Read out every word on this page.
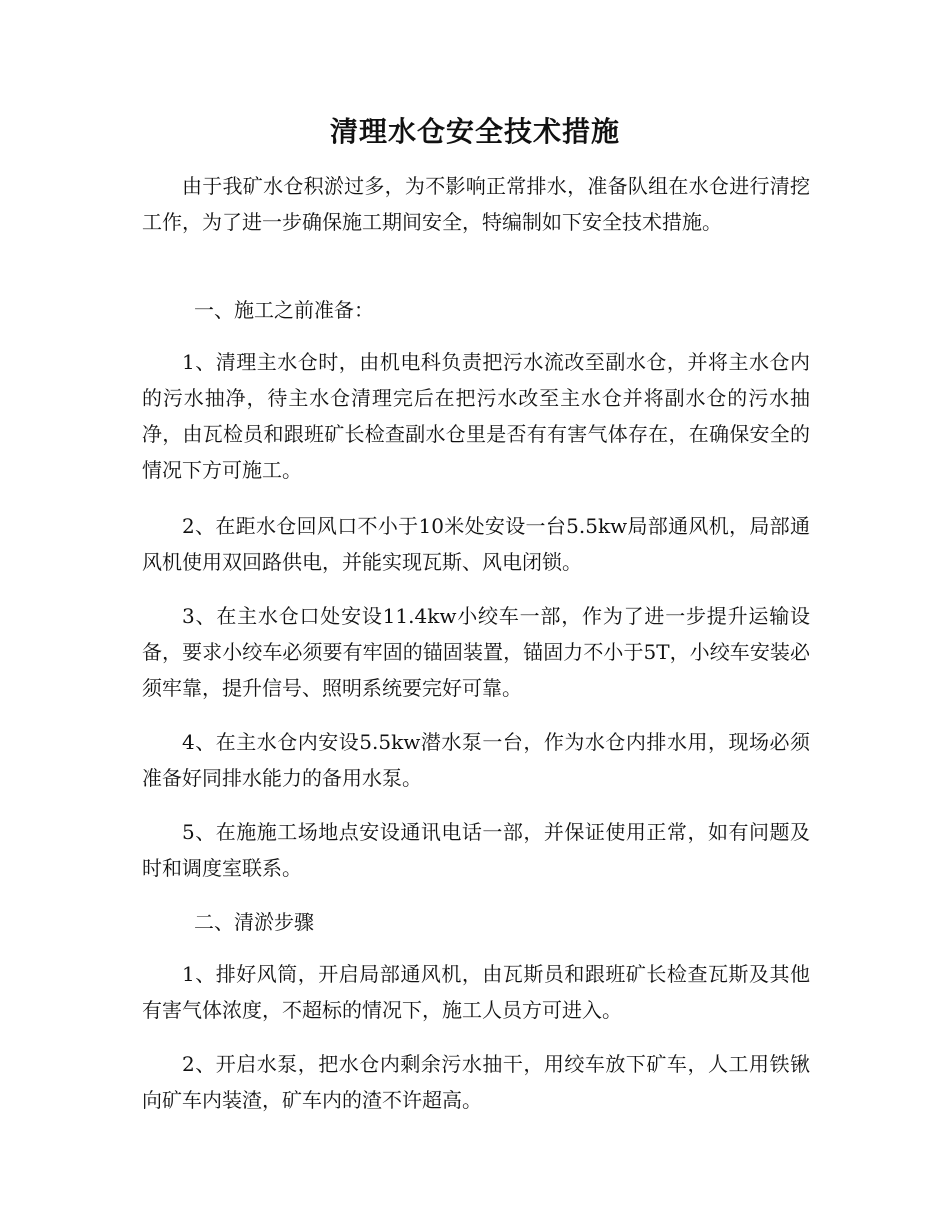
清理水仓安全技术措施
由于我矿水仓积淤过多，为不影响正常排水，准备队组在水仓进行清挖工作，为了进一步确保施工期间安全，特编制如下安全技术措施。
一、施工之前准备：
1、清理主水仓时，由机电科负责把污水流改至副水仓，并将主水仓内的污水抽净，待主水仓清理完后在把污水改至主水仓并将副水仓的污水抽净，由瓦检员和跟班矿长检查副水仓里是否有有害气体存在，在确保安全的情况下方可施工。
2、在距水仓回风口不小于10米处安设一台5.5kw局部通风机，局部通风机使用双回路供电，并能实现瓦斯、风电闭锁。
3、在主水仓口处安设11.4kw小绞车一部，作为了进一步提升运输设备，要求小绞车必须要有牢固的锚固装置，锚固力不小于5T，小绞车安装必须牢靠，提升信号、照明系统要完好可靠。
4、在主水仓内安设5.5kw潜水泵一台，作为水仓内排水用，现场必须准备好同排水能力的备用水泵。
5、在施施工场地点安设通讯电话一部，并保证使用正常，如有问题及时和调度室联系。
二、清淤步骤
1、排好风筒，开启局部通风机，由瓦斯员和跟班矿长检查瓦斯及其他有害气体浓度，不超标的情况下，施工人员方可进入。
2、开启水泵，把水仓内剩余污水抽干，用绞车放下矿车，人工用铁锹向矿车内装渣，矿车内的渣不许超高。
